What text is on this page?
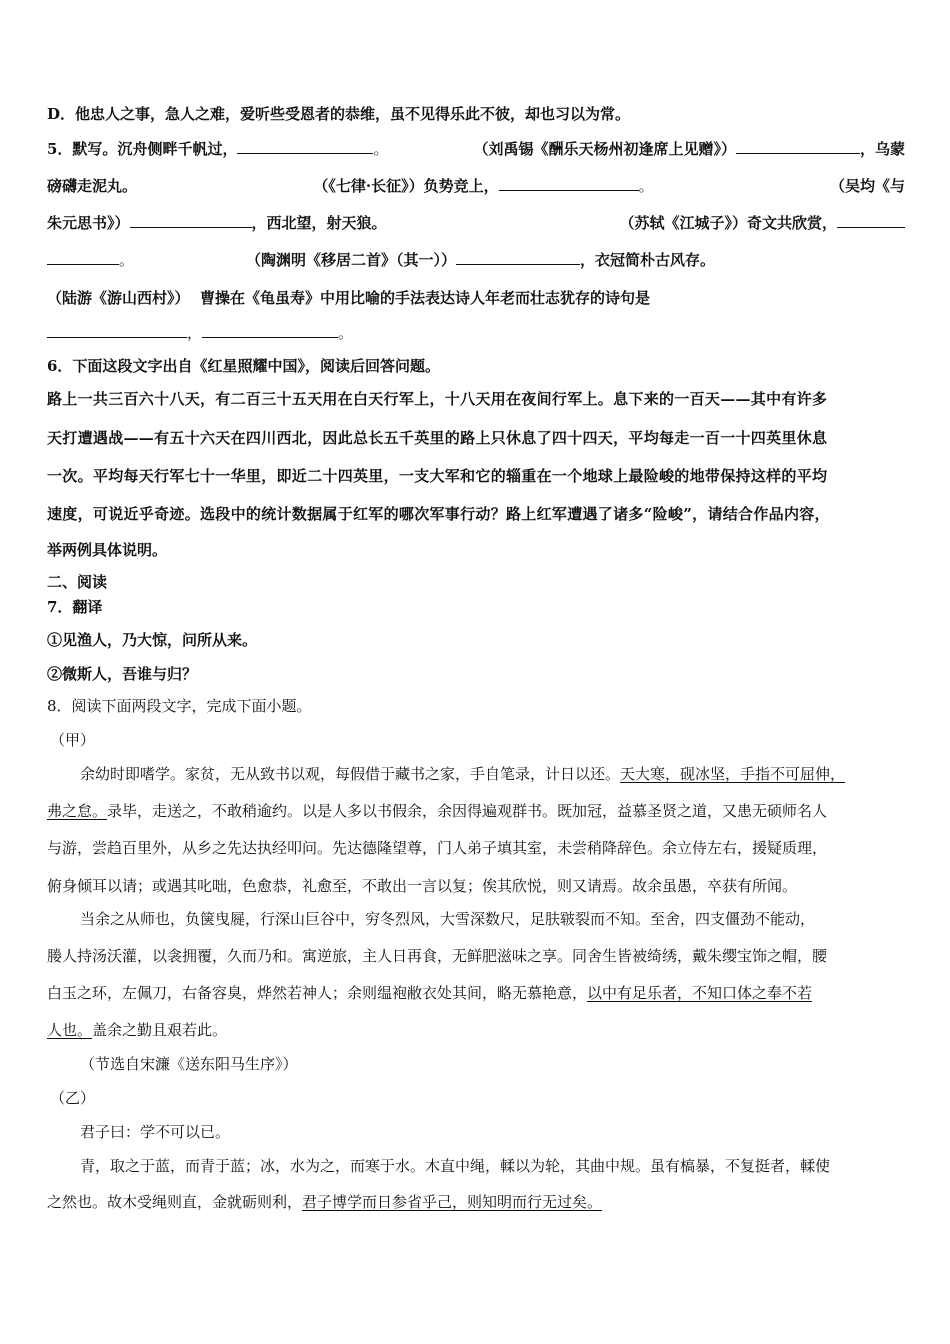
D．他忠人之事，急人之难，爱听些受恩者的恭维，虽不见得乐此不彼，却也习以为常。
5．默写。沉舟侧畔千帆过，	。	（刘禹锡《酬乐天杨州初逢席上见赠》）	，乌蒙
磅礴走泥丸。	（《七律·长征》）负势竞上，	。	（吴均《与
朱元思书》）	，西北望，射天狼。	（苏轼《江城子》）奇文共欣赏，
。	（陶渊明《移居二首》（其一））	，衣冠简朴古风存。
（陆游《游山西村》）  曹操在《龟虽寿》中用比喻的手法表达诗人年老而壮志犹存的诗句是
，	。
6．下面这段文字出自《红星照耀中国》，阅读后回答问题。
路上一共三百六十八天，有二百三十五天用在白天行军上，十八天用在夜间行军上。息下来的一百天——其中有许多
天打遭遇战——有五十六天在四川西北，因此总长五千英里的路上只休息了四十四天，平均每走一百一十四英里休息
一次。平均每天行军七十一华里，即近二十四英里，一支大军和它的辎重在一个地球上最险峻的地带保持这样的平均
速度，可说近乎奇迹。选段中的统计数据属于红军的哪次军事行动？路上红军遭遇了诸多“险峻”，请结合作品内容，
举两例具体说明。
二、阅读
7．翻译
①见渔人，乃大惊，问所从来。
②微斯人，吾谁与归？
8．阅读下面两段文字，完成下面小题。
（甲）
余幼时即嗜学。家贫，无从致书以观，每假借于藏书之家，手自笔录，计日以还。天大寒，砚冰坚，手指不可屈伸，
弗之怠。录毕，走送之，不敢稍逾约。以是人多以书假余，余因得遍观群书。既加冠，益慕圣贤之道，又患无硕师名人
与游，尝趋百里外，从乡之先达执经叩问。先达德隆望尊，门人弟子填其室，未尝稍降辞色。余立侍左右，援疑质理，
俯身倾耳以请；或遇其叱咄，色愈恭，礼愈至，不敢出一言以复；俟其欣悦，则又请焉。故余虽愚，卒获有所闻。
当余之从师也，负箧曳屣，行深山巨谷中，穷冬烈风，大雪深数尺，足肤皲裂而不知。至舍，四支僵劲不能动，
媵人持汤沃灌，以衾拥覆，久而乃和。寓逆旅，主人日再食，无鲜肥滋味之享。同舍生皆被绮绣，戴朱缨宝饰之帽，腰
白玉之环，左佩刀，右备容臭，烨然若神人；余则缊袍敝衣处其间，略无慕艳意，以中有足乐者，不知口体之奉不若
人也。盖余之勤且艰若此。
（节选自宋濂《送东阳马生序》）
（乙）
君子曰：学不可以已。
青，取之于蓝，而青于蓝；冰，水为之，而寒于水。木直中绳，輮以为轮，其曲中规。虽有槁暴，不复挺者，輮使
之然也。故木受绳则直，金就砺则利，君子博学而日参省乎己，则知明而行无过矣。
